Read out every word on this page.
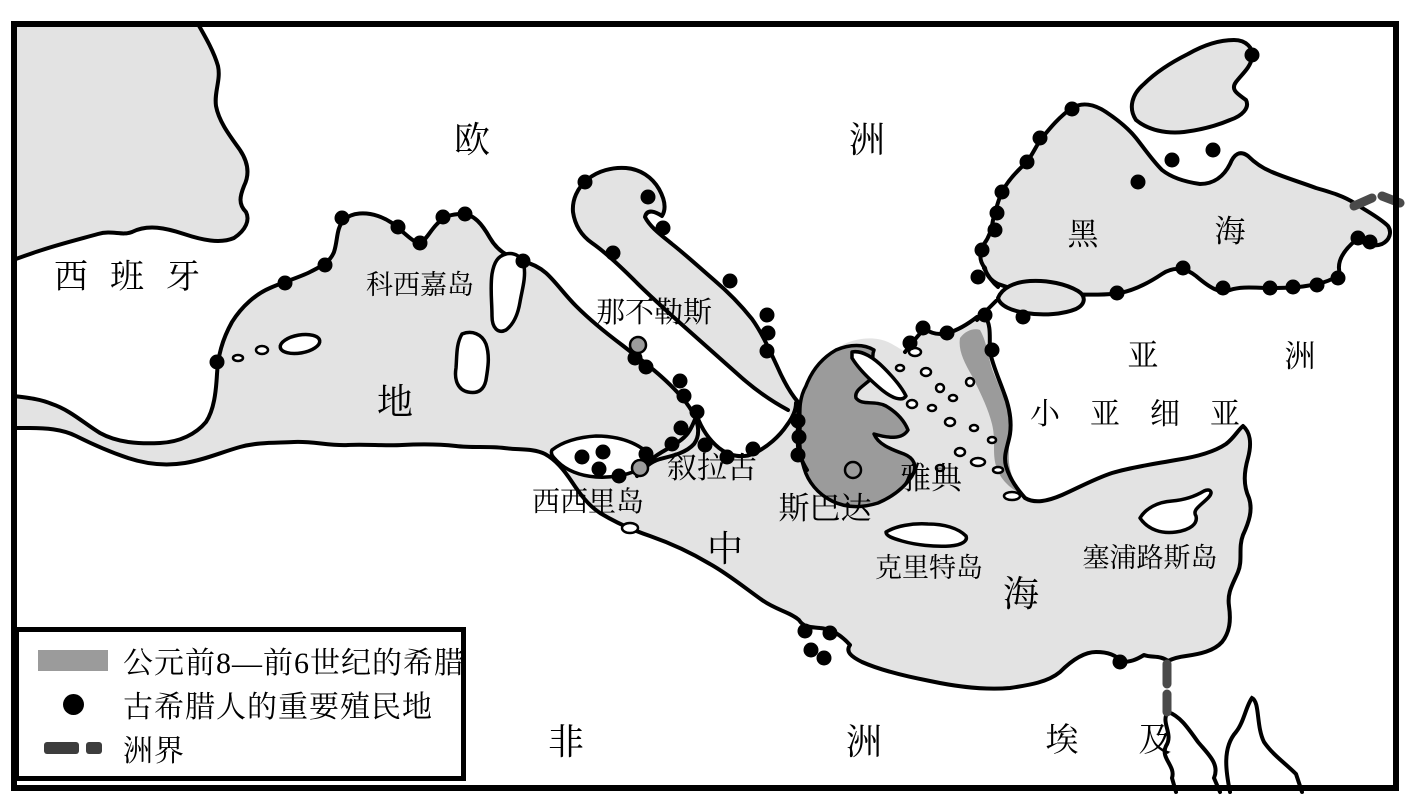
欧	洲
西班牙	科西嘉岛
那不勒斯
地
中
海
叙拉古
西西里岛	斯巴达
雅典
克里特岛	塞浦路斯岛
小亚细亚
亚	洲
黑	海
非	洲	埃 及
公元前8—前6世纪的希腊
古希腊人的重要殖民地
洲界
